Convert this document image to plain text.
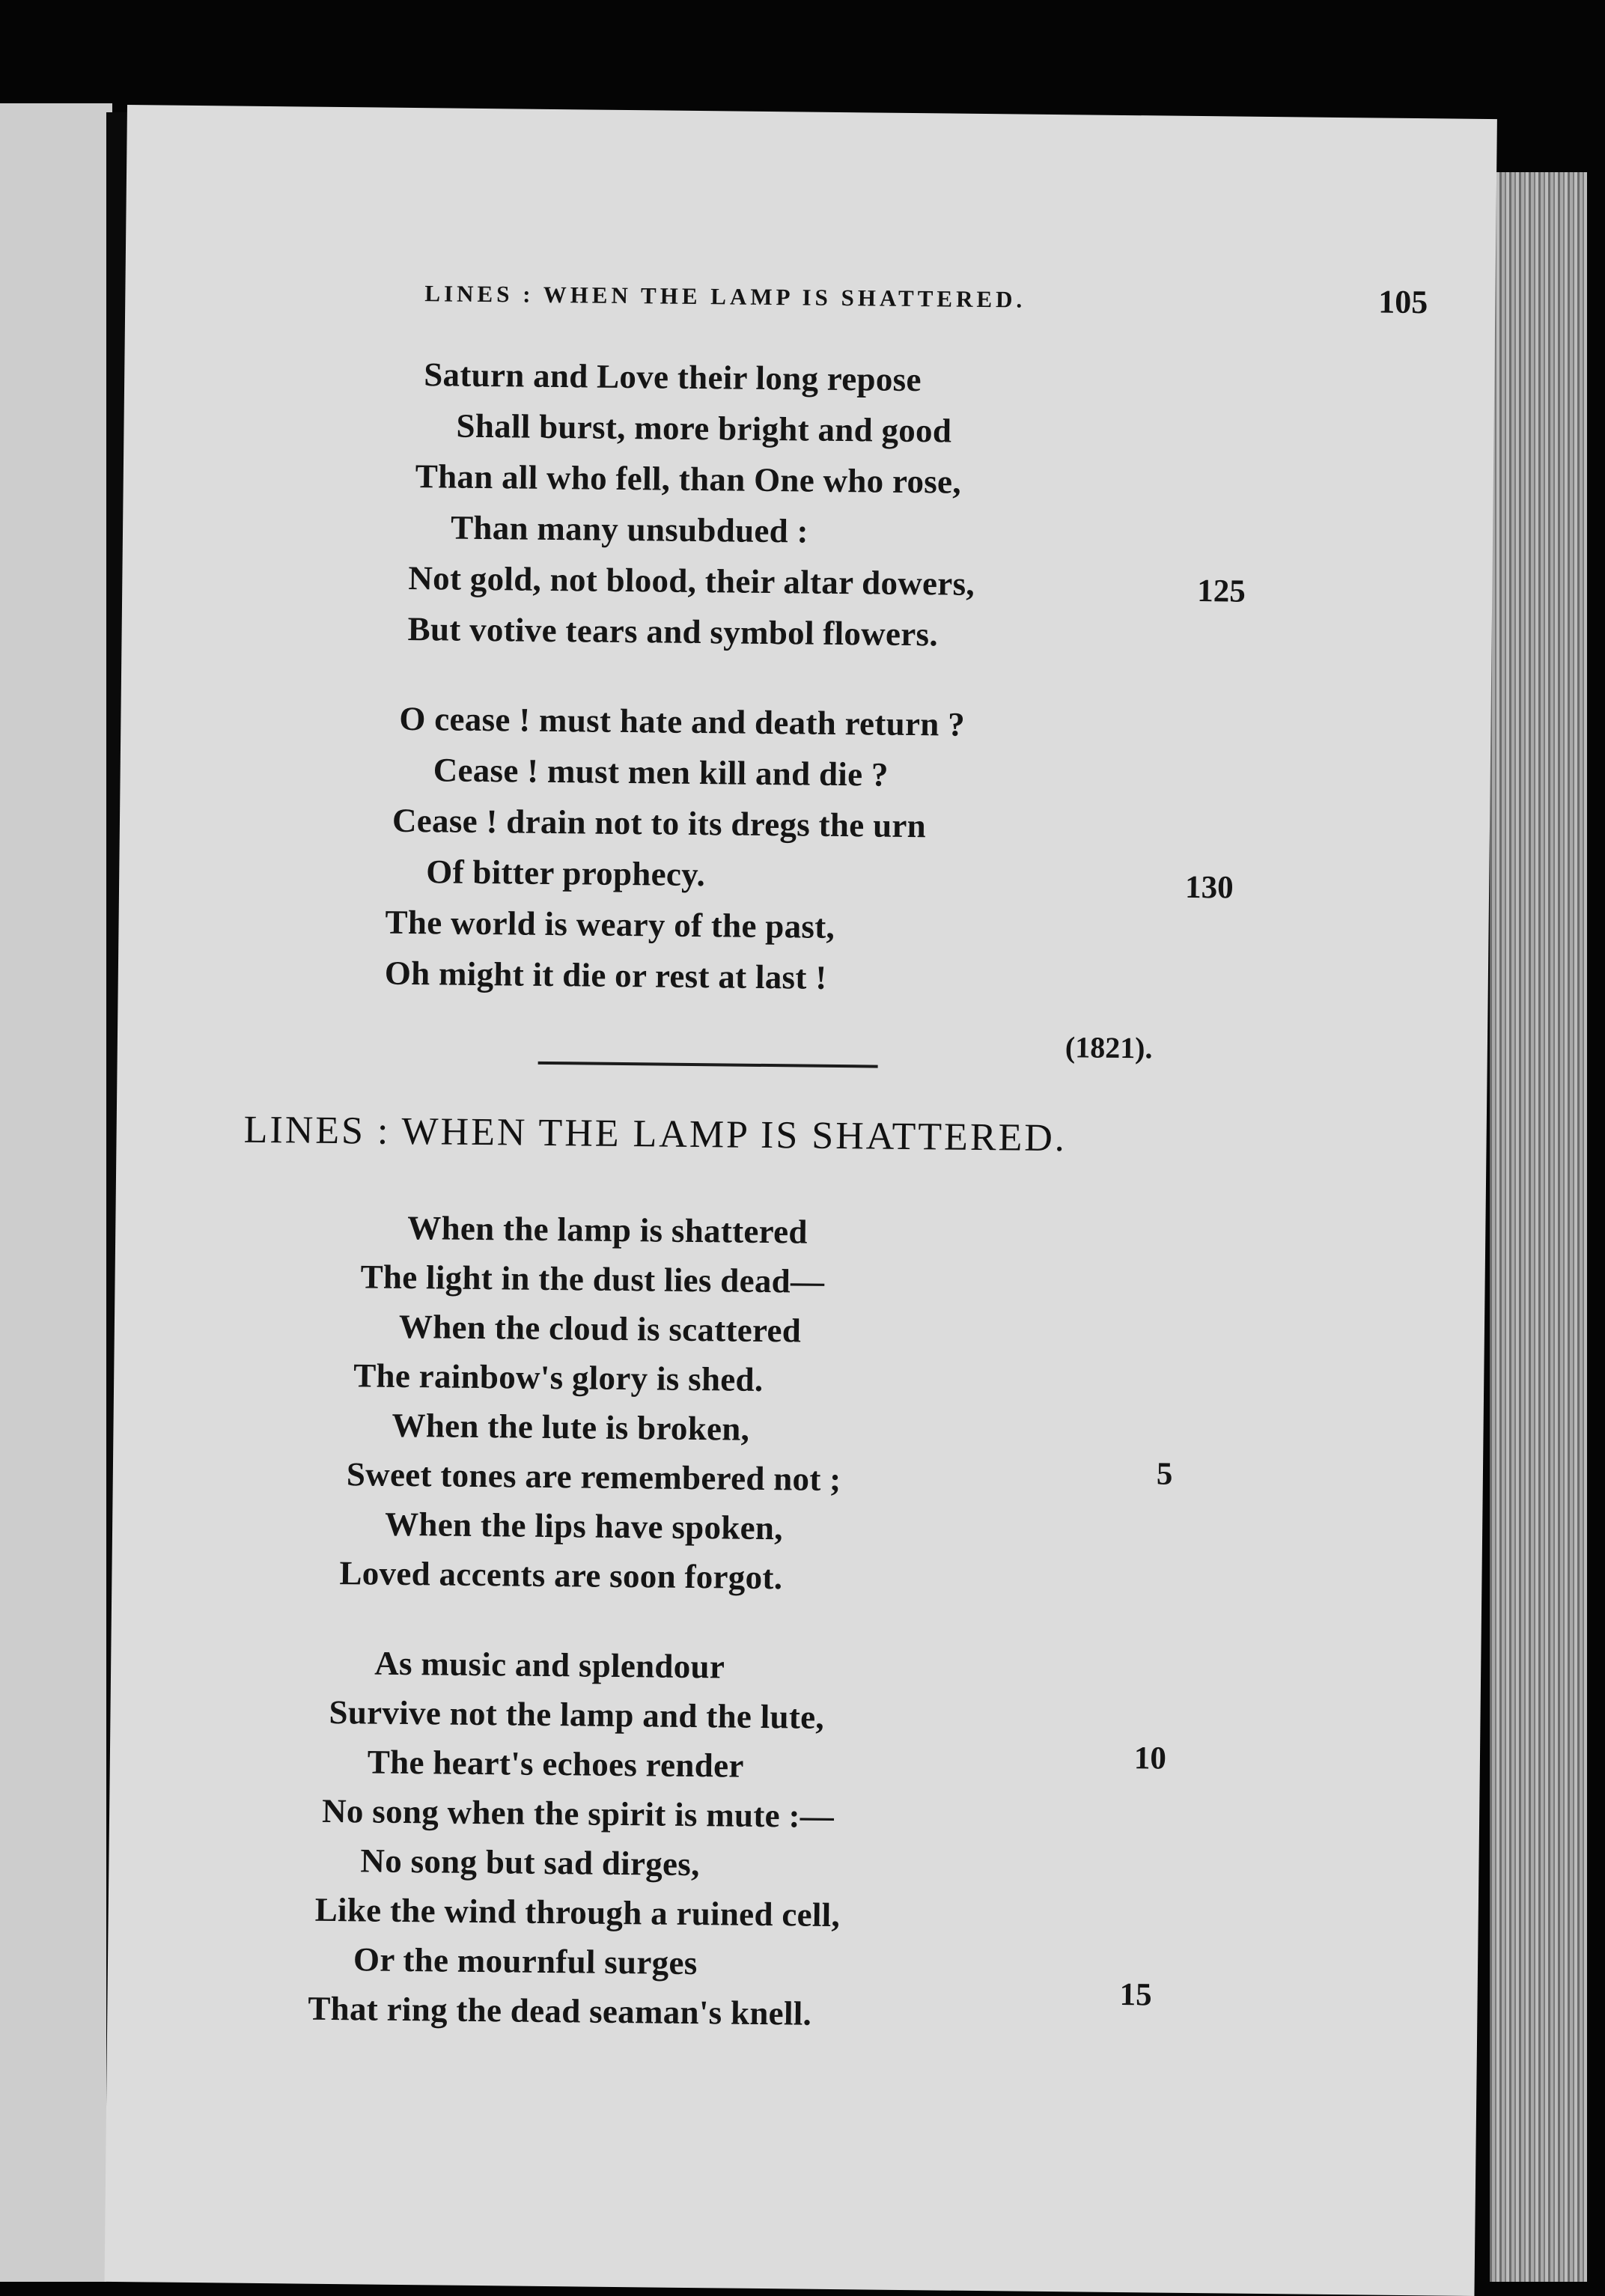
LINES : WHEN THE LAMP IS SHATTERED.	105
Saturn and Love their long repose
Shall burst, more bright and good
Than all who fell, than One who rose,
Than many unsubdued :
Not gold, not blood, their altar dowers,
But votive tears and symbol flowers.
125
O cease ! must hate and death return ?
Cease ! must men kill and die ?
Cease ! drain not to its dregs the urn
Of bitter prophecy.
The world is weary of the past,
Oh might it die or rest at last !
130
(1821).
LINES : WHEN THE LAMP IS SHATTERED.
When the lamp is shattered
The light in the dust lies dead—
When the cloud is scattered
The rainbow's glory is shed.
When the lute is broken,
Sweet tones are remembered not ;
When the lips have spoken,
Loved accents are soon forgot.
5
As music and splendour
Survive not the lamp and the lute,
The heart's echoes render
No song when the spirit is mute :—
No song but sad dirges,
Like the wind through a ruined cell,
Or the mournful surges
That ring the dead seaman's knell.
10
15
